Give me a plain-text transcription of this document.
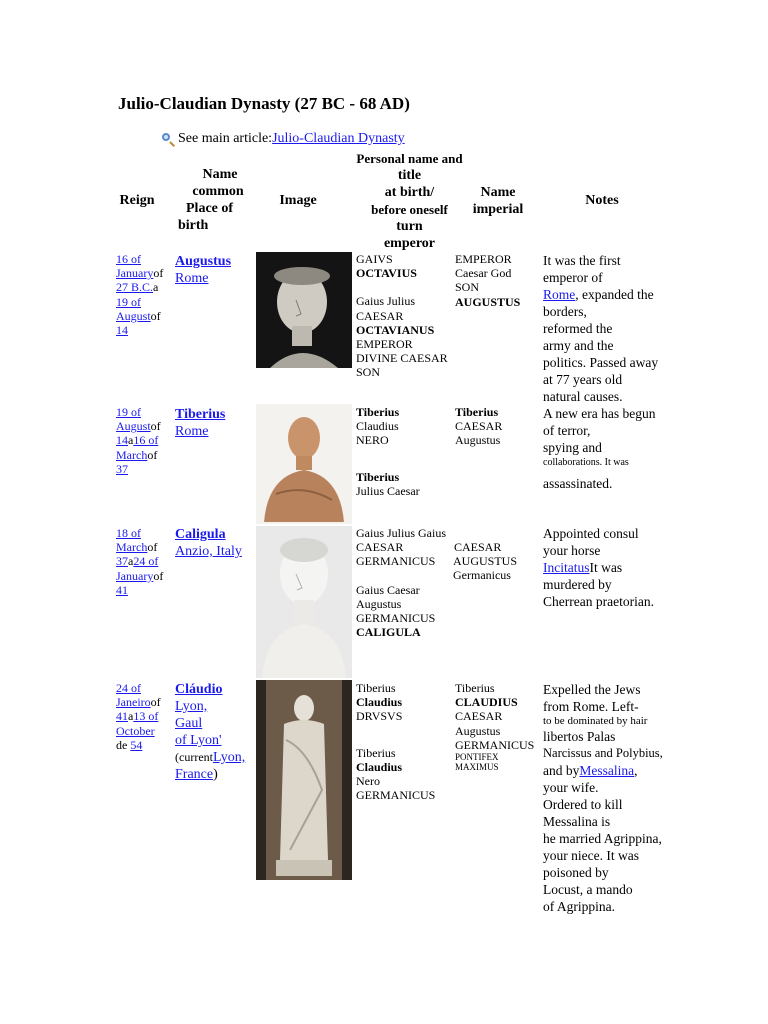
Julio-Claudian Dynasty (27 BC - 68 AD)
See main article: Julio-Claudian Dynasty
Reign
Name
common
Place of
birth
Image
Personal name and
title
at birth/
before oneself
turn
emperor
Name
imperial
Notes
16 of
Januaryof
27 B.C.a
19 of
Augustof
14
Augustus
Rome
GAIVS
OCTAVIUS
Gaius Julius
CAESAR
OCTAVIANUS
EMPEROR
DIVINE CAESAR
SON
EMPEROR
Caesar God
SON
AUGUSTUS
It was the first
emperor of
Rome, expanded the
borders,
reformed the
army and the
politics. Passed away
at 77 years old
natural causes.
19 of
Augustof
14a16 of
Marchof
37
Tiberius
Rome
Tiberius
Claudius
NERO
Tiberius
Julius Caesar
Tiberius
CAESAR
Augustus
A new era has begun
of terror,
spying and
collaborations. It was
assassinated.
18 of
Marchof
37a24 of
Januaryof
41
Caligula
Anzio, Italy
Gaius Julius Gaius
CAESAR
GERMANICUS
Gaius Caesar
Augustus
GERMANICUS
CALIGULA
CAESAR
AUGUSTUS
Germanicus
Appointed consul
your horse
IncitatusIt was
murdered by
Cherrean praetorian.
24 of
Janeiroof
41a13 of
October
de 54
Cláudio
Lyon,
Gaul
of Lyon'
(currentLyon,
France)
Tiberius
Claudius
DRVSVS
Tiberius
Claudius
Nero
GERMANICUS
Tiberius
CLAUDIUS
CAESAR
Augustus
GERMANICUS
PONTIFEX
MAXIMUS
Expelled the Jews
from Rome. Left-
to be dominated by hair
libertos Palas
Narcissus and Polybius,
and byMessalina,
your wife.
Ordered to kill
Messalina is
he married Agrippina,
your niece. It was
poisoned by
Locust, a mando
of Agrippina.
